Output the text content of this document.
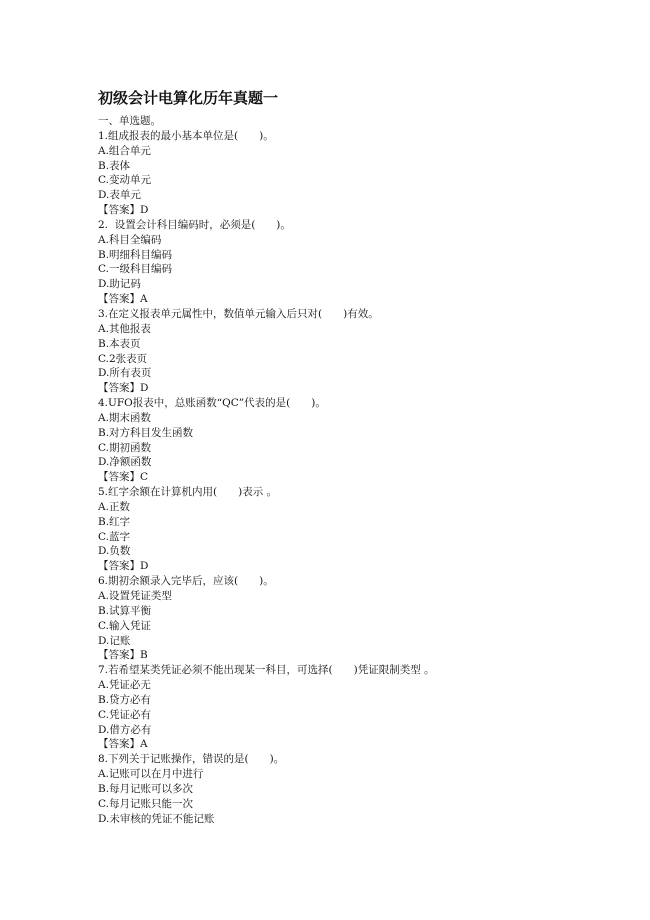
初级会计电算化历年真题一
一、单选题。
1.组成报表的最小基本单位是(　　)。
A.组合单元
B.表体
C.变动单元
D.表单元
【答案】D
2.  设置会计科目编码时，必须是(　　)。
A.科目全编码
B.明细科目编码
C.一级科目编码
D.助记码
【答案】A
3.在定义报表单元属性中，数值单元输入后只对(　　)有效。
A.其他报表
B.本表页
C.2张表页
D.所有表页
【答案】D
4.UFO报表中，总账函数“QC”代表的是(　　)。
A.期末函数
B.对方科目发生函数
C.期初函数
D.净额函数
【答案】C
5.红字余额在计算机内用(　　)表示 。
A.正数
B.红字
C.蓝字
D.负数
【答案】D
6.期初余额录入完毕后，应该(　　)。
A.设置凭证类型
B.试算平衡
C.输入凭证
D.记账
【答案】B
7.若希望某类凭证必须不能出现某一科目，可选择(　　)凭证限制类型 。
A.凭证必无
B.贷方必有
C.凭证必有
D.借方必有
【答案】A
8.下列关于记账操作，错误的是(　　)。
A.记账可以在月中进行
B.每月记账可以多次
C.每月记账只能一次
D.未审核的凭证不能记账
